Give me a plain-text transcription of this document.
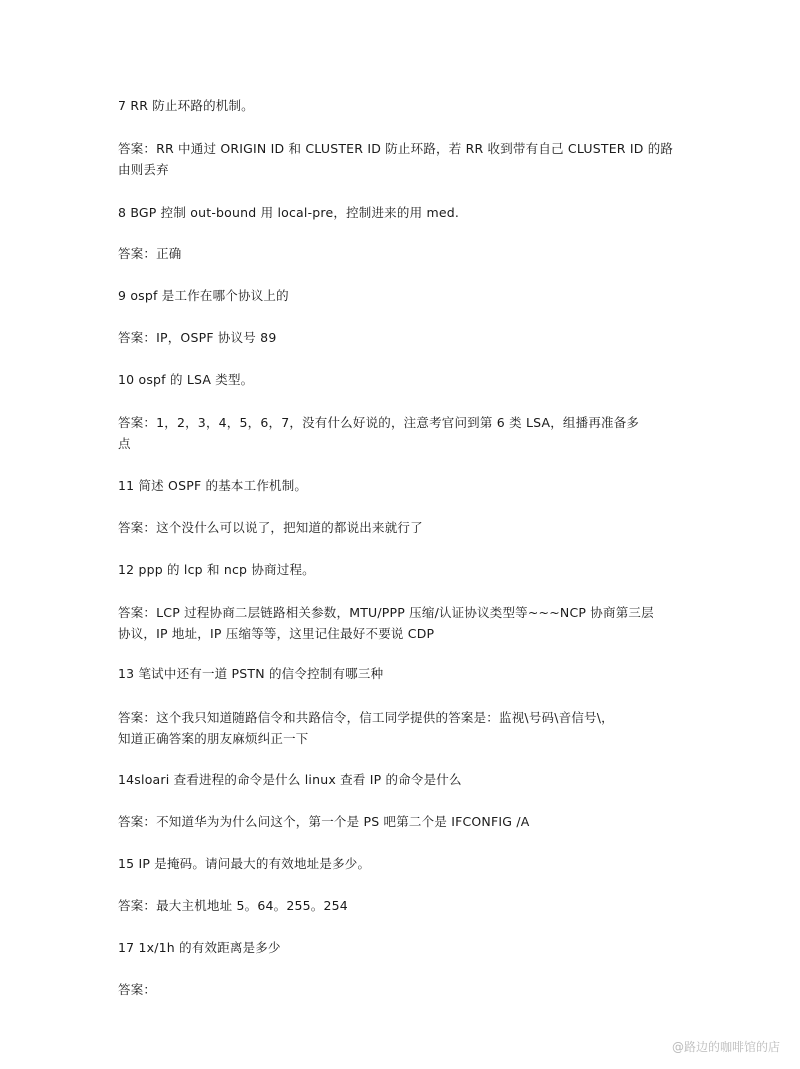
7 RR 防止环路的机制。
答案：RR 中通过 ORIGIN ID 和 CLUSTER ID 防止环路，若 RR 收到带有自己 CLUSTER ID 的路
由则丢弃
8 BGP 控制 out-bound 用 local-pre，控制进来的用 med.
答案：正确
9 ospf 是工作在哪个协议上的
答案：IP，OSPF 协议号 89
10 ospf 的 LSA 类型。
答案：1，2，3，4，5，6，7，没有什么好说的，注意考官问到第 6 类 LSA，组播再准备多
点
11 简述 OSPF 的基本工作机制。
答案：这个没什么可以说了，把知道的都说出来就行了
12 ppp 的 lcp 和 ncp 协商过程。
答案：LCP 过程协商二层链路相关参数，MTU/PPP 压缩/认证协议类型等~~~NCP 协商第三层
协议，IP 地址，IP 压缩等等，这里记住最好不要说 CDP
13 笔试中还有一道 PSTN 的信令控制有哪三种
答案：这个我只知道随路信令和共路信令，信工同学提供的答案是：监视\号码\音信号\，
知道正确答案的朋友麻烦纠正一下
14sloari 查看进程的命令是什么 linux 查看 IP 的命令是什么
答案：不知道华为为什么问这个，第一个是 PS 吧第二个是 IFCONFIG /A
15 IP 是掩码。请问最大的有效地址是多少。
答案：最大主机地址 5。64。255。254
17 1x/1h 的有效距离是多少
答案：
@路边的咖啡馆的店
